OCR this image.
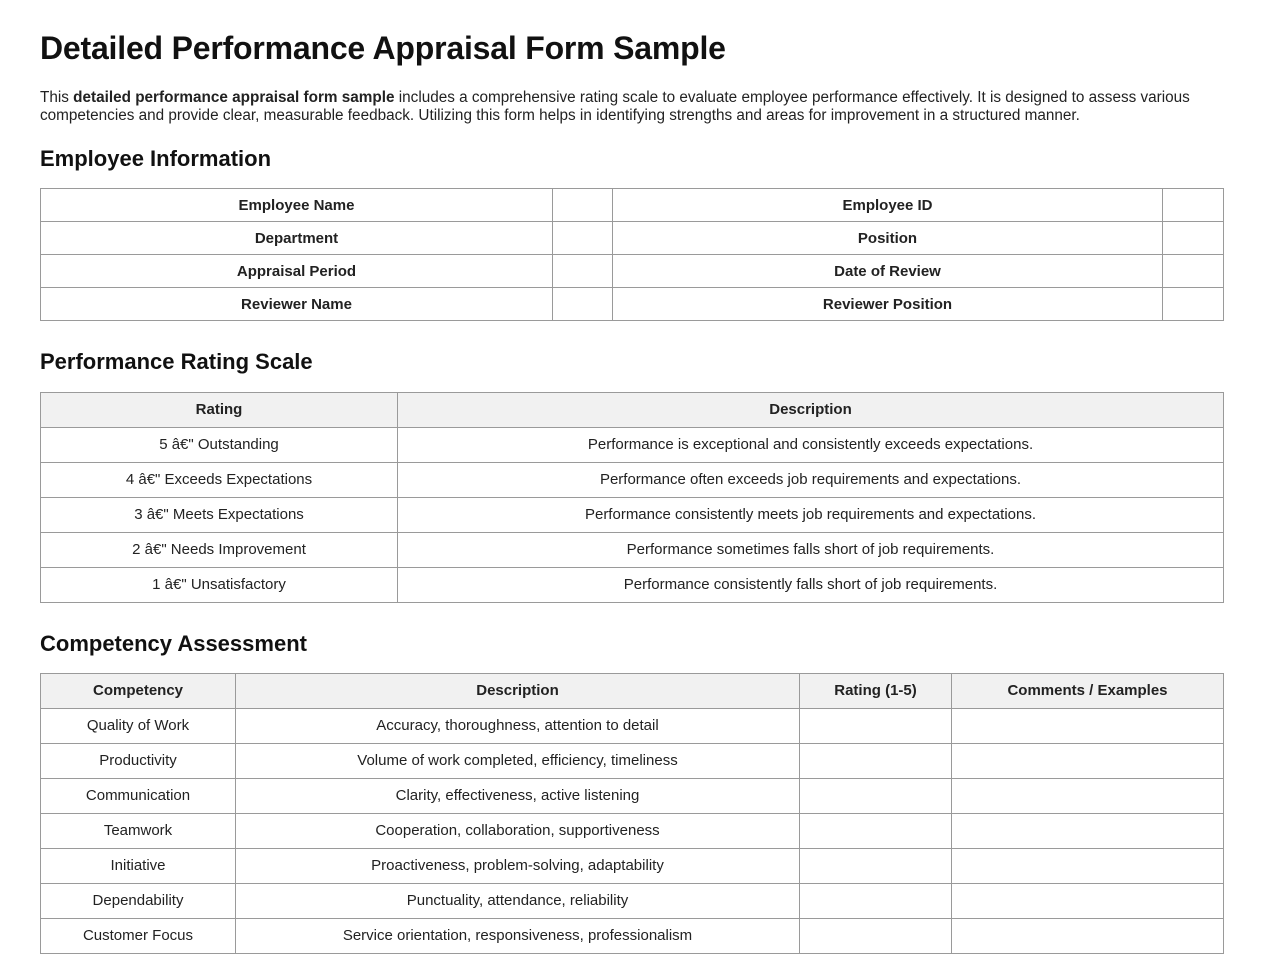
Detailed Performance Appraisal Form Sample

This detailed performance appraisal form sample includes a comprehensive rating scale to evaluate employee performance effectively. It is designed to assess various competencies and provide clear, measurable feedback. Utilizing this form helps in identifying strengths and areas for improvement in a structured manner.

Employee Information
Employee Name		Employee ID	
Department		Position	
Appraisal Period		Date of Review	
Reviewer Name		Reviewer Position	
Performance Rating Scale
Rating	Description
5 â€" Outstanding	Performance is exceptional and consistently exceeds expectations.
4 â€" Exceeds Expectations	Performance often exceeds job requirements and expectations.
3 â€" Meets Expectations	Performance consistently meets job requirements and expectations.
2 â€" Needs Improvement	Performance sometimes falls short of job requirements.
1 â€" Unsatisfactory	Performance consistently falls short of job requirements.
Competency Assessment
Competency	Description	Rating (1-5)	Comments / Examples
Quality of Work	Accuracy, thoroughness, attention to detail		
Productivity	Volume of work completed, efficiency, timeliness		
Communication	Clarity, effectiveness, active listening		
Teamwork	Cooperation, collaboration, supportiveness		
Initiative	Proactiveness, problem-solving, adaptability		
Dependability	Punctuality, attendance, reliability		
Customer Focus	Service orientation, responsiveness, professionalism		
